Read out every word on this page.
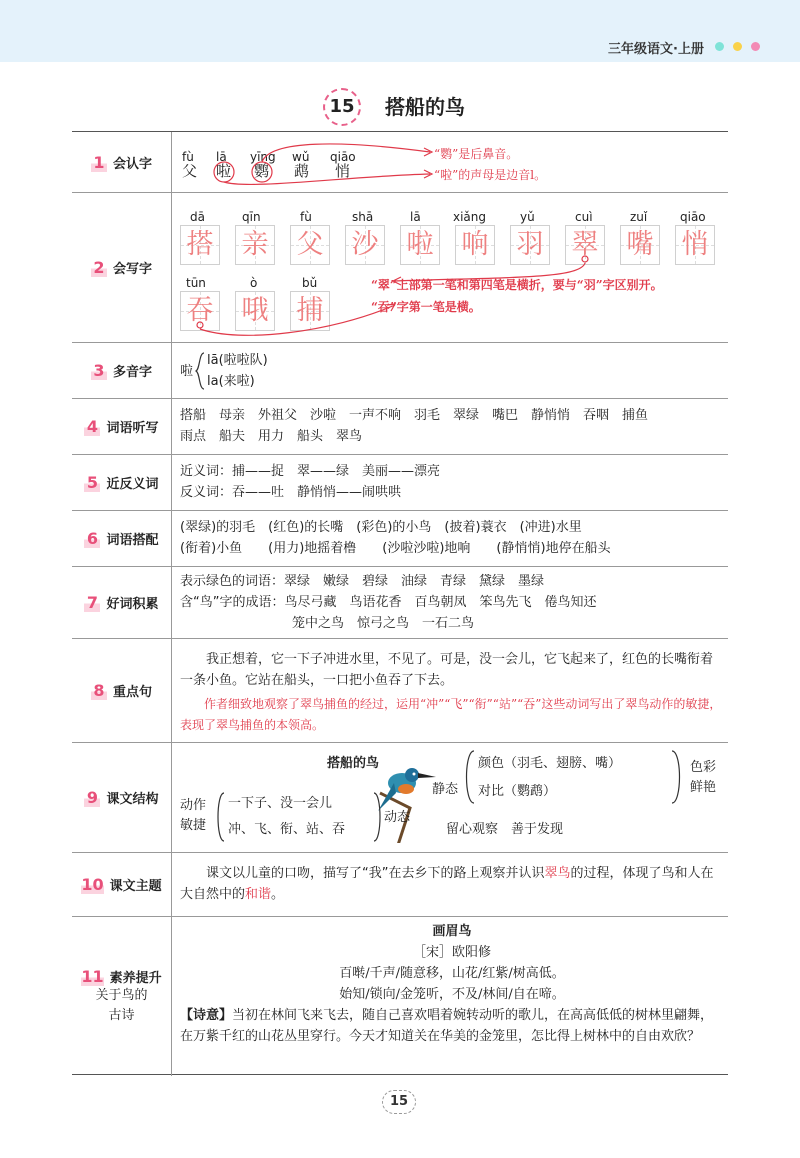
三年级语文·上册
15	搭船的鸟
1 会认字	fù
父
lā
啦
yīng
鹦
wǔ
鹉
qiāo
悄
“鹦”是后鼻音。
“啦”的声母是边音l。
2 会写字
dā
搭
qīn
亲
fù
父
shā
沙
lā
啦
xiǎng
响
yǔ
羽
cuì
翠
zuǐ
嘴
qiāo
悄
tūn
吞
ò
哦
bǔ
捕
“翠”上部第一笔和第四笔是横折，要与“羽”字区别开。
“吞”字第一笔是横。
3 多音字 啦
lā(啦啦队)
la(来啦)
4 词语听写
搭船　母亲　外祖父　沙啦　一声不响　羽毛　翠绿　嘴巴　静悄悄　吞咽　捕鱼
雨点　船夫　用力　船头　翠鸟
5 近反义词
近义词：捕——捉　翠——绿　美丽——漂亮
反义词：吞——吐　静悄悄——闹哄哄
6 词语搭配
(翠绿)的羽毛　(红色)的长嘴　(彩色)的小鸟　(披着)蓑衣　(冲进)水里
(衔着)小鱼　　(用力)地摇着橹　　(沙啦沙啦)地响　　(静悄悄)地停在船头
7 好词积累
表示绿色的词语：翠绿　嫩绿　碧绿　油绿　青绿　黛绿　墨绿
含“鸟”字的成语：鸟尽弓藏　鸟语花香　百鸟朝凤　笨鸟先飞　倦鸟知还
笼中之鸟　惊弓之鸟　一石二鸟
8 重点句
我正想着，它一下子冲进水里，不见了。可是，没一会儿，它飞起来了，红色的长嘴衔着一条小鱼。它站在船头，一口把小鱼吞了下去。
作者细致地观察了翠鸟捕鱼的经过，运用“冲”“飞”“衔”“站”“吞”这些动词写出了翠鸟动作的敏捷，表现了翠鸟捕鱼的本领高。
9 课文结构
搭船的鸟
静态
颜色（羽毛、翅膀、嘴）
对比（鹦鹉）
色彩
鲜艳
动作
敏捷
一下子、没一会儿
冲、飞、衔、站、吞
动态
留心观察　善于发现
10 课文主题
课文以儿童的口吻，描写了“我”在去乡下的路上观察并认识翠鸟的过程，体现了鸟和人在大自然中的和谐。
11 素养提升
关于鸟的
古诗
画眉鸟
［宋］欧阳修
百啭/千声/随意移，山花/红紫/树高低。
始知/锁向/金笼听，不及/林间/自在啼。
【诗意】当初在林间飞来飞去，随自己喜欢唱着婉转动听的歌儿，在高高低低的树林里翩舞，在万紫千红的山花丛里穿行。今天才知道关在华美的金笼里，怎比得上树林中的自由欢欣？
15
